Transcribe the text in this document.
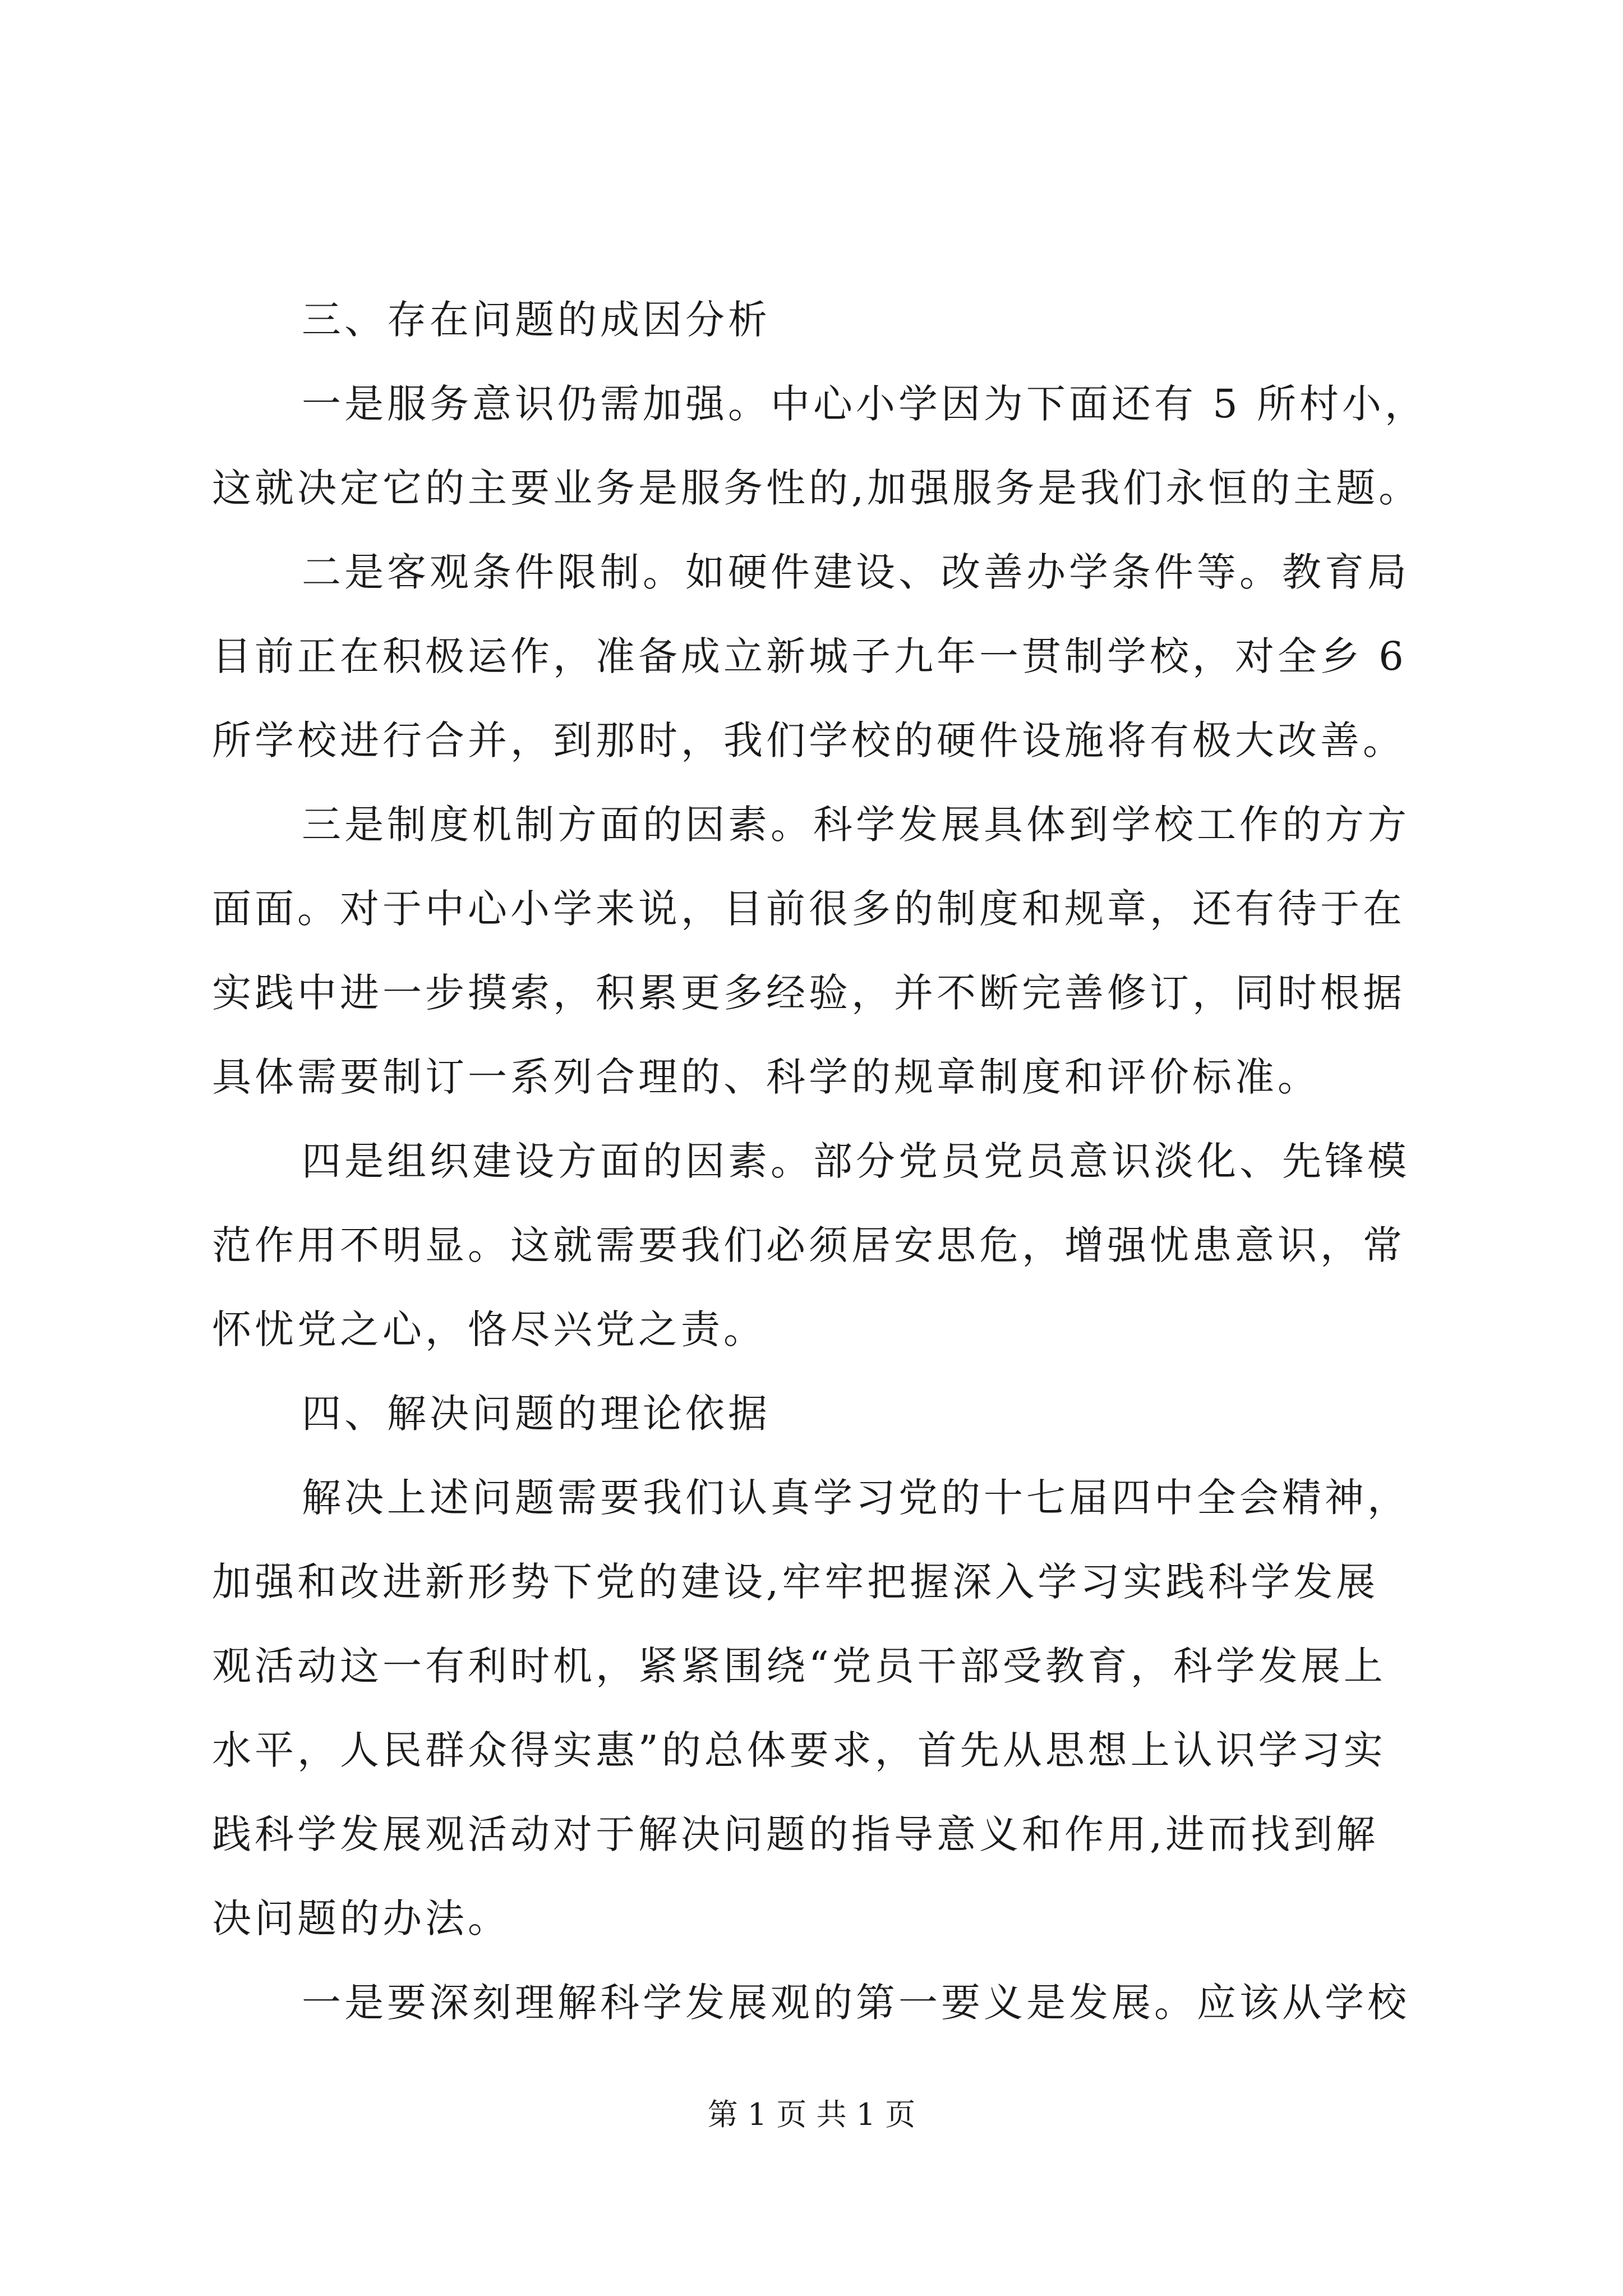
三、存在问题的成因分析
一是服务意识仍需加强。中心小学因为下面还有 5 所村小，
这就决定它的主要业务是服务性的,加强服务是我们永恒的主题。
二是客观条件限制。如硬件建设、改善办学条件等。教育局
目前正在积极运作，准备成立新城子九年一贯制学校，对全乡 6
所学校进行合并，到那时，我们学校的硬件设施将有极大改善。
三是制度机制方面的因素。科学发展具体到学校工作的方方
面面。对于中心小学来说，目前很多的制度和规章，还有待于在
实践中进一步摸索，积累更多经验，并不断完善修订，同时根据
具体需要制订一系列合理的、科学的规章制度和评价标准。
四是组织建设方面的因素。部分党员党员意识淡化、先锋模
范作用不明显。这就需要我们必须居安思危，增强忧患意识，常
怀忧党之心，恪尽兴党之责。
四、解决问题的理论依据
解决上述问题需要我们认真学习党的十七届四中全会精神，
加强和改进新形势下党的建设,牢牢把握深入学习实践科学发展
观活动这一有利时机，紧紧围绕“党员干部受教育，科学发展上
水平，人民群众得实惠”的总体要求，首先从思想上认识学习实
践科学发展观活动对于解决问题的指导意义和作用,进而找到解
决问题的办法。
一是要深刻理解科学发展观的第一要义是发展。应该从学校
第 1 页 共 1 页
